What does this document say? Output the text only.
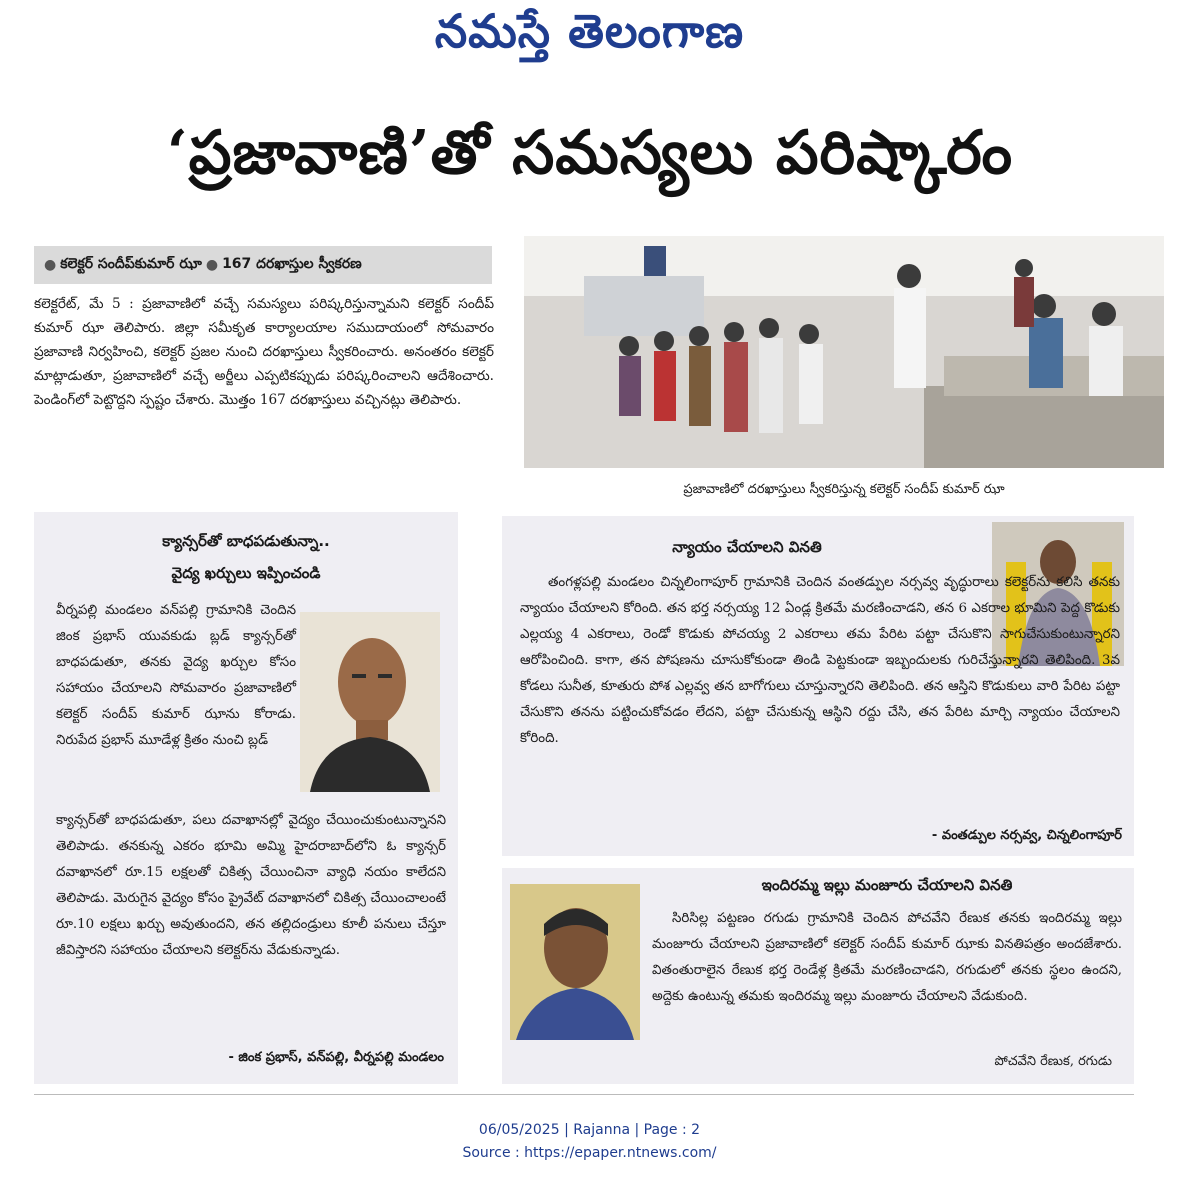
నమస్తే తెలంగాణ
‘ప్రజావాణి’తో సమస్యలు పరిష్కారం
● కలెక్టర్ సందీప్‌కుమార్ ఝా ● 167 దరఖాస్తుల స్వీకరణ
కలెక్టరేట్, మే 5 : ప్రజావాణిలో వచ్చే సమస్యలు పరిష్కరిస్తున్నామని కలెక్టర్ సందీప్ కుమార్ ఝా తెలిపారు. జిల్లా సమీకృత కార్యాలయాల సముదాయంలో సోమవారం ప్రజావాణి నిర్వహించి, కలెక్టర్ ప్రజల నుంచి దరఖాస్తులు స్వీకరించారు. అనంతరం కలెక్టర్ మాట్లాడుతూ, ప్రజావాణిలో వచ్చే అర్జీలు ఎప్పటికప్పుడు పరిష్కరించాలని ఆదేశించారు. పెండింగ్‌లో పెట్టొద్దని స్పష్టం చేశారు. మొత్తం 167 దరఖాస్తులు వచ్చినట్లు తెలిపారు.
ప్రజావాణిలో దరఖాస్తులు స్వీకరిస్తున్న కలెక్టర్ సందీప్ కుమార్ ఝా
క్యాన్సర్‌తో బాధపడుతున్నా..
వైద్య ఖర్చులు ఇప్పించండి
వీర్నపల్లి మండలం వన్‌పల్లి గ్రామానికి చెందిన జింక ప్రభాస్ యువకుడు బ్లడ్ క్యాన్సర్‌తో బాధపడుతూ, తనకు వైద్య ఖర్చుల కోసం సహాయం చేయాలని సోమవారం ప్రజావాణిలో కలెక్టర్ సందీప్ కుమార్ ఝాను కోరాడు. నిరుపేద ప్రభాస్ మూడేళ్ల క్రితం నుంచి బ్లడ్
క్యాన్సర్‌తో బాధపడుతూ, పలు దవాఖానల్లో వైద్యం చేయించుకుంటున్నానని తెలిపాడు. తనకున్న ఎకరం భూమి అమ్మి హైదరాబాద్‌లోని ఓ క్యాన్సర్ దవాఖానలో రూ.15 లక్షలతో చికిత్స చేయించినా వ్యాధి నయం కాలేదని తెలిపాడు. మెరుగైన వైద్యం కోసం ప్రైవేట్ దవాఖానలో చికిత్స చేయించాలంటే రూ.10 లక్షలు ఖర్చు అవుతుందని, తన తల్లిదండ్రులు కూలీ పనులు చేస్తూ జీవిస్తారని సహాయం చేయాలని కలెక్టర్‌ను వేడుకున్నాడు.
- జింక ప్రభాస్, వన్‌పల్లి, వీర్నపల్లి మండలం
న్యాయం చేయాలని వినతి
తంగళ్లపల్లి మండలం చిన్నలింగాపూర్ గ్రామానికి చెందిన వంతడ్పుల నర్సవ్వ వృద్ధురాలు కలెక్టర్‌ను కలిసి తనకు న్యాయం చేయాలని కోరింది. తన భర్త నర్సయ్య 12 ఏండ్ల క్రితమే మరణించాడని, తన 6 ఎకరాల భూమిని పెద్ద కొడుకు ఎల్లయ్య 4 ఎకరాలు, రెండో కొడుకు పోచయ్య 2 ఎకరాలు తమ పేరిట పట్టా చేసుకొని సాగుచేసుకుంటున్నారని ఆరోపించింది. కాగా, తన పోషణను చూసుకోకుండా తిండి పెట్టకుండా ఇబ్బందులకు గురిచేస్తున్నారని తెలిపింది. 3వ కోడలు సునీత, కూతురు పోశ ఎల్లవ్వ తన బాగోగులు చూస్తున్నారని తెలిపింది. తన ఆస్తిని కొడుకులు వారి పేరిట పట్టా చేసుకొని తనను పట్టించుకోవడం లేదని, పట్టా చేసుకున్న ఆస్థిని రద్దు చేసి, తన పేరిట మార్చి న్యాయం చేయాలని కోరింది.
- వంతడ్పుల నర్సవ్వ, చిన్నలింగాపూర్
ఇందిరమ్మ ఇల్లు మంజూరు చేయాలని వినతి
సిరిసిల్ల పట్టణం రగుడు గ్రామానికి చెందిన పోచవేని రేణుక తనకు ఇందిరమ్మ ఇల్లు మంజూరు చేయాలని ప్రజావాణిలో కలెక్టర్ సందీప్ కుమార్ ఝాకు వినతిపత్రం అందజేశారు. వితంతురాలైన రేణుక భర్త రెండేళ్ల క్రితమే మరణించాడని, రగుడులో తనకు స్థలం ఉందని, అద్దెకు ఉంటున్న తమకు ఇందిరమ్మ ఇల్లు మంజూరు చేయాలని వేడుకుంది.
పోచవేని రేణుక, రగుడు
06/05/2025 | Rajanna | Page : 2
Source : https://epaper.ntnews.com/
